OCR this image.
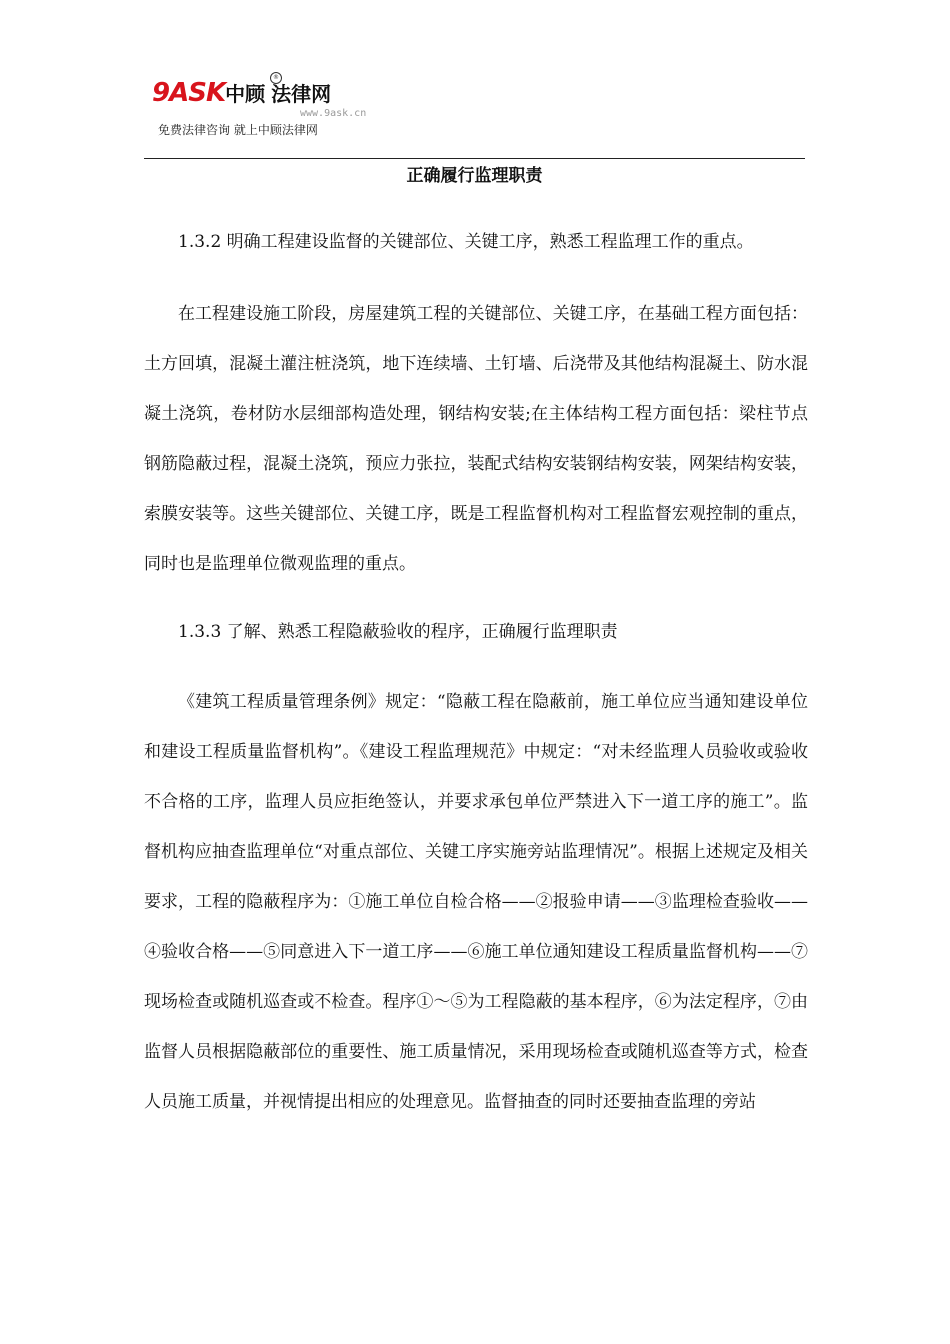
9ASK中顾 法律网
®
www.9ask.cn
免费法律咨询 就上中顾法律网
正确履行监理职责

1.3.2 明确工程建设监督的关键部位、关键工序，熟悉工程监理工作的重点。

在工程建设施工阶段，房屋建筑工程的关键部位、关键工序，在基础工程方面包括：土方回填，混凝土灌注桩浇筑，地下连续墙、土钉墙、后浇带及其他结构混凝土、防水混凝土浇筑，卷材防水层细部构造处理，钢结构安装;在主体结构工程方面包括：梁柱节点钢筋隐蔽过程，混凝土浇筑，预应力张拉，装配式结构安装钢结构安装，网架结构安装，索膜安装等。这些关键部位、关键工序，既是工程监督机构对工程监督宏观控制的重点，同时也是监理单位微观监理的重点。

1.3.3 了解、熟悉工程隐蔽验收的程序，正确履行监理职责

《建筑工程质量管理条例》规定：“隐蔽工程在隐蔽前，施工单位应当通知建设单位和建设工程质量监督机构”。《建设工程监理规范》中规定：“对未经监理人员验收或验收不合格的工序，监理人员应拒绝签认，并要求承包单位严禁进入下一道工序的施工”。监督机构应抽查监理单位“对重点部位、关键工序实施旁站监理情况”。根据上述规定及相关要求，工程的隐蔽程序为：①施工单位自检合格——②报验申请——③监理检查验收——④验收合格——⑤同意进入下一道工序——⑥施工单位通知建设工程质量监督机构——⑦现场检查或随机巡查或不检查。程序①～⑤为工程隐蔽的基本程序，⑥为法定程序，⑦由监督人员根据隐蔽部位的重要性、施工质量情况，采用现场检查或随机巡查等方式，检查人员施工质量，并视情提出相应的处理意见。监督抽查的同时还要抽查监理的旁站
